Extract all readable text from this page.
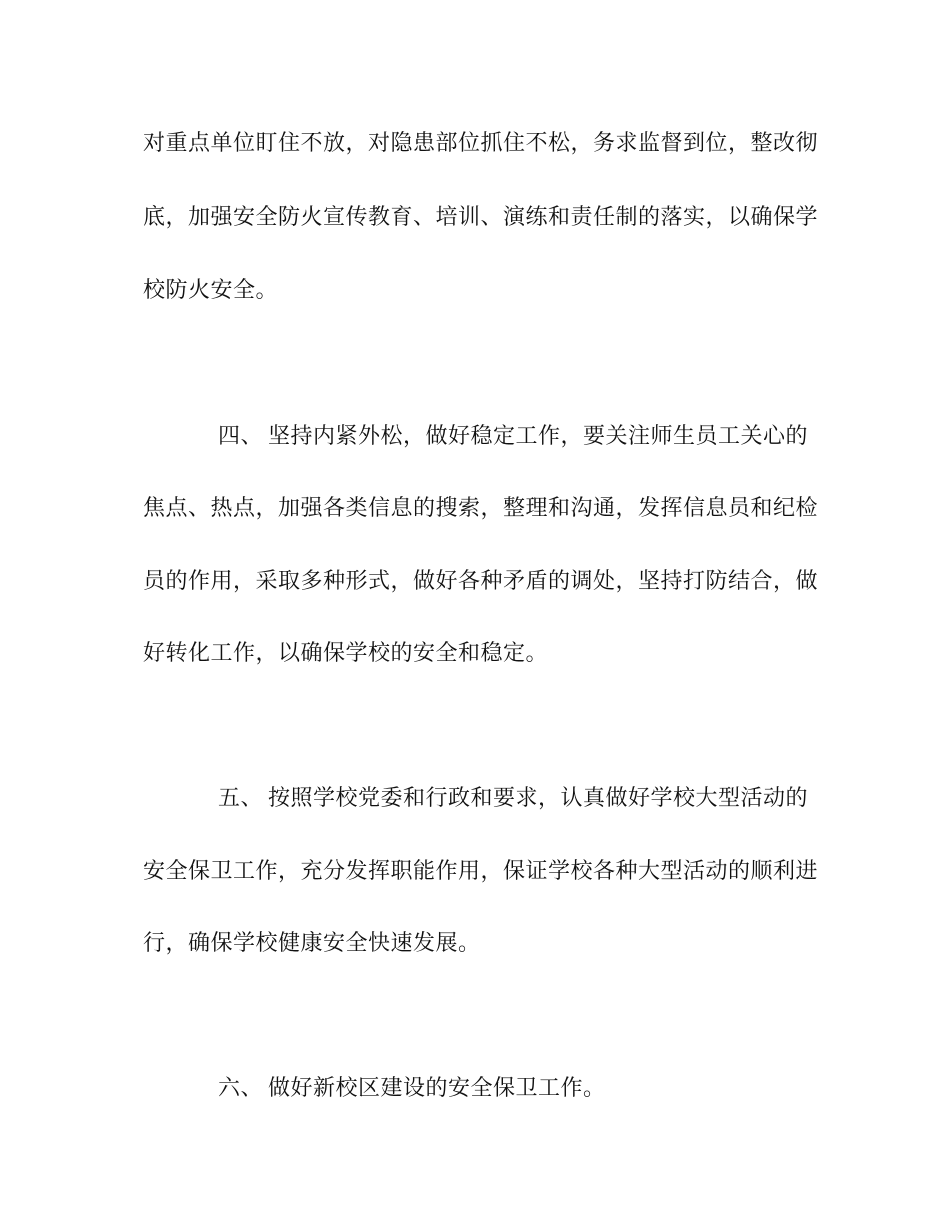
对重点单位盯住不放，对隐患部位抓住不松，务求监督到位，整改彻
底，加强安全防火宣传教育、培训、演练和责任制的落实，以确保学
校防火安全。
四、 坚持内紧外松，做好稳定工作，要关注师生员工关心的
焦点、热点，加强各类信息的搜索，整理和沟通，发挥信息员和纪检
员的作用，采取多种形式，做好各种矛盾的调处，坚持打防结合，做
好转化工作，以确保学校的安全和稳定。
五、 按照学校党委和行政和要求，认真做好学校大型活动的
安全保卫工作，充分发挥职能作用，保证学校各种大型活动的顺利进
行，确保学校健康安全快速发展。
六、 做好新校区建设的安全保卫工作。
